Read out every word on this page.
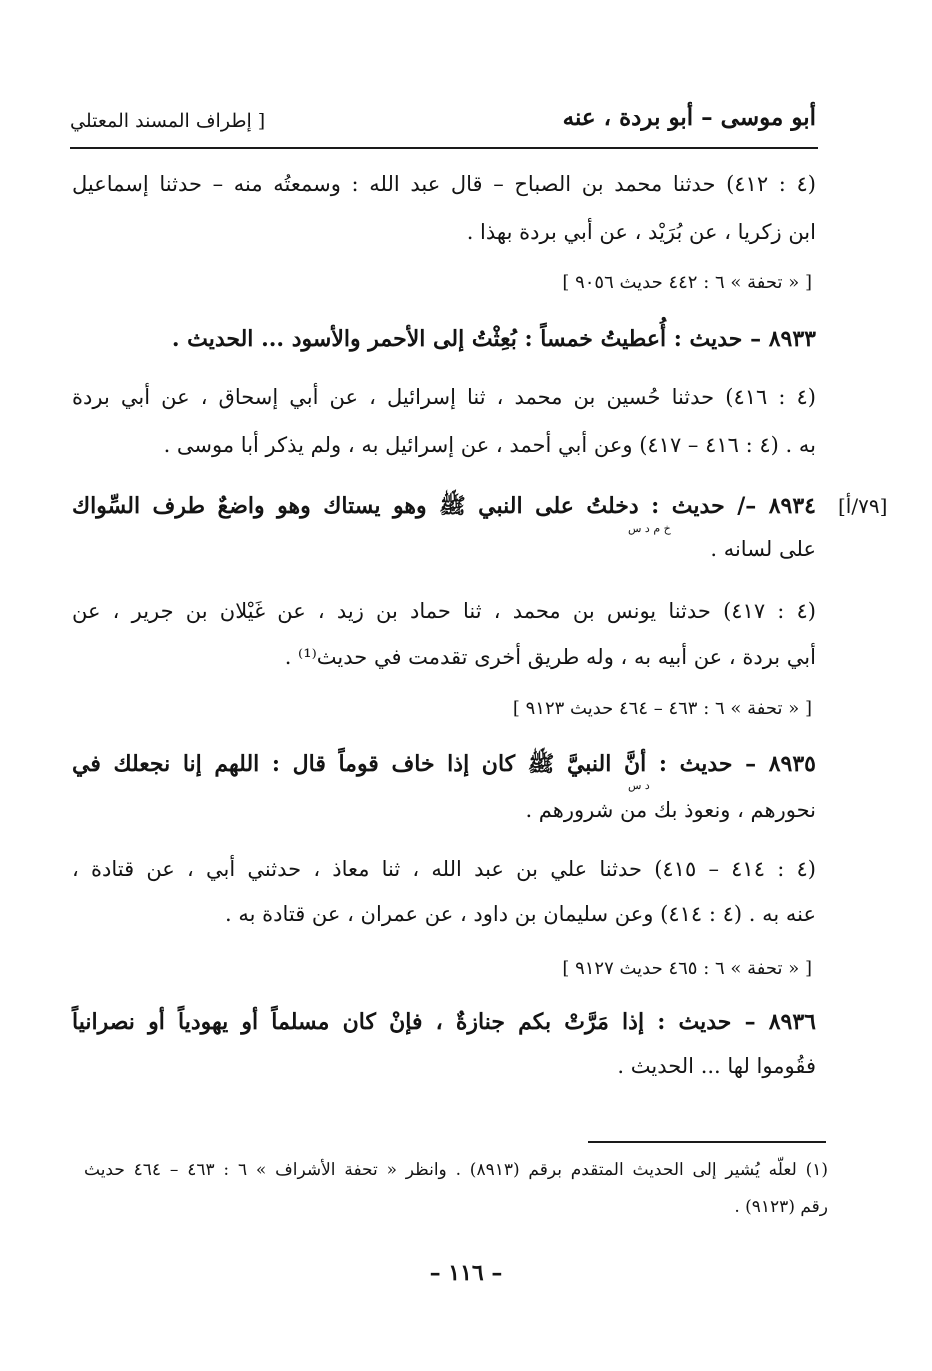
أبو موسى – أبو بردة ، عنه
[ إطراف المسند المعتلي

(٤ : ٤١٢) حدثنا محمد بن الصباح – قال عبد الله : وسمعتُه منه – حدثنا إسماعيل

ابن زكريا ، عن بُرَيْد ، عن أبي بردة بهذا .

[ « تحفة » ٦ : ٤٤٢ حديث ٩٠٥٦ ]

٨٩٣٣ – حديث : أُعطيتُ خمساً : بُعِثْتُ إلى الأحمر والأسود ... الحديث .

(٤ : ٤١٦) حدثنا حُسين بن محمد ، ثنا إسرائيل ، عن أبي إسحاق ، عن أبي بردة

به . (٤ : ٤١٦ – ٤١٧) وعن أبي أحمد ، عن إسرائيل به ، ولم يذكر أبا موسى .

[٧٩/أ]

٨٩٣٤ –/ حديث : دخلتُ على النبي ﷺ وهو يستاك وهو واضعٌ طرف السِّواك

خ م د س

على لسانه .

(٤ : ٤١٧) حدثنا يونس بن محمد ، ثنا حماد بن زيد ، عن غَيْلان بن جرير ، عن

أبي بردة ، عن أبيه به ، وله طريق أخرى تقدمت في حديث⁽¹⁾ .

[ « تحفة » ٦ : ٤٦٣ – ٤٦٤ حديث ٩١٢٣ ]

٨٩٣٥ – حديث : أنَّ النبيَّ ﷺ كان إذا خاف قوماً قال : اللهم إنا نجعلك في

د س

نحورهم ، ونعوذ بك من شرورهم .

(٤ : ٤١٤ – ٤١٥) حدثنا علي بن عبد الله ، ثنا معاذ ، حدثني أبي ، عن قتادة ،

عنه به . (٤ : ٤١٤) وعن سليمان بن داود ، عن عمران ، عن قتادة به .

[ « تحفة » ٦ : ٤٦٥ حديث ٩١٢٧ ]

٨٩٣٦ – حديث : إذا مَرَّتْ بكم جنازةٌ ، فإنْ كان مسلماً أو يهودياً أو نصرانياً

فقُوموا لها ... الحديث .

(١) لعلّه يُشير إلى الحديث المتقدم برقم (٨٩١٣) . وانظر « تحفة الأشراف » ٦ : ٤٦٣ – ٤٦٤ حديث

رقم (٩١٢٣) .

– ١١٦ –
